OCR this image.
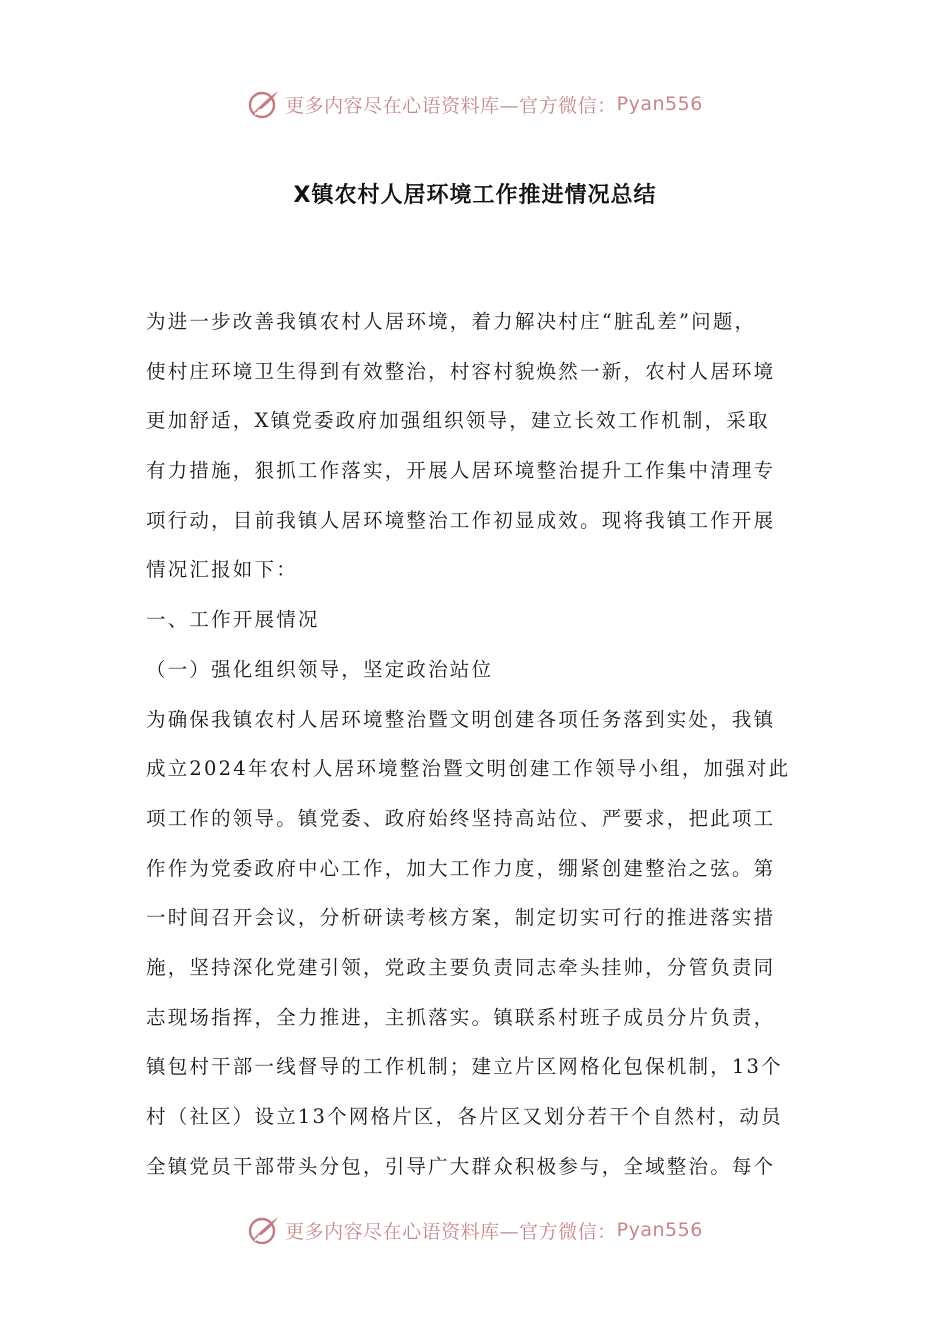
更多内容尽在心语资料库—官方微信： Pyan556
X镇农村人居环境工作推进情况总结
为进一步改善我镇农村人居环境，着力解决村庄“脏乱差”问题，
使村庄环境卫生得到有效整治，村容村貌焕然一新，农村人居环境
更加舒适，X镇党委政府加强组织领导，建立长效工作机制，采取
有力措施，狠抓工作落实，开展人居环境整治提升工作集中清理专
项行动，目前我镇人居环境整治工作初显成效。现将我镇工作开展
情况汇报如下：
一、工作开展情况
（一）强化组织领导，坚定政治站位
为确保我镇农村人居环境整治暨文明创建各项任务落到实处，我镇
成立2024年农村人居环境整治暨文明创建工作领导小组，加强对此
项工作的领导。镇党委、政府始终坚持高站位、严要求，把此项工
作作为党委政府中心工作，加大工作力度，绷紧创建整治之弦。第
一时间召开会议，分析研读考核方案，制定切实可行的推进落实措
施，坚持深化党建引领，党政主要负责同志牵头挂帅，分管负责同
志现场指挥，全力推进，主抓落实。镇联系村班子成员分片负责，
镇包村干部一线督导的工作机制；建立片区网格化包保机制，13个
村（社区）设立13个网格片区，各片区又划分若干个自然村，动员
全镇党员干部带头分包，引导广大群众积极参与，全域整治。每个
更多内容尽在心语资料库—官方微信： Pyan556
